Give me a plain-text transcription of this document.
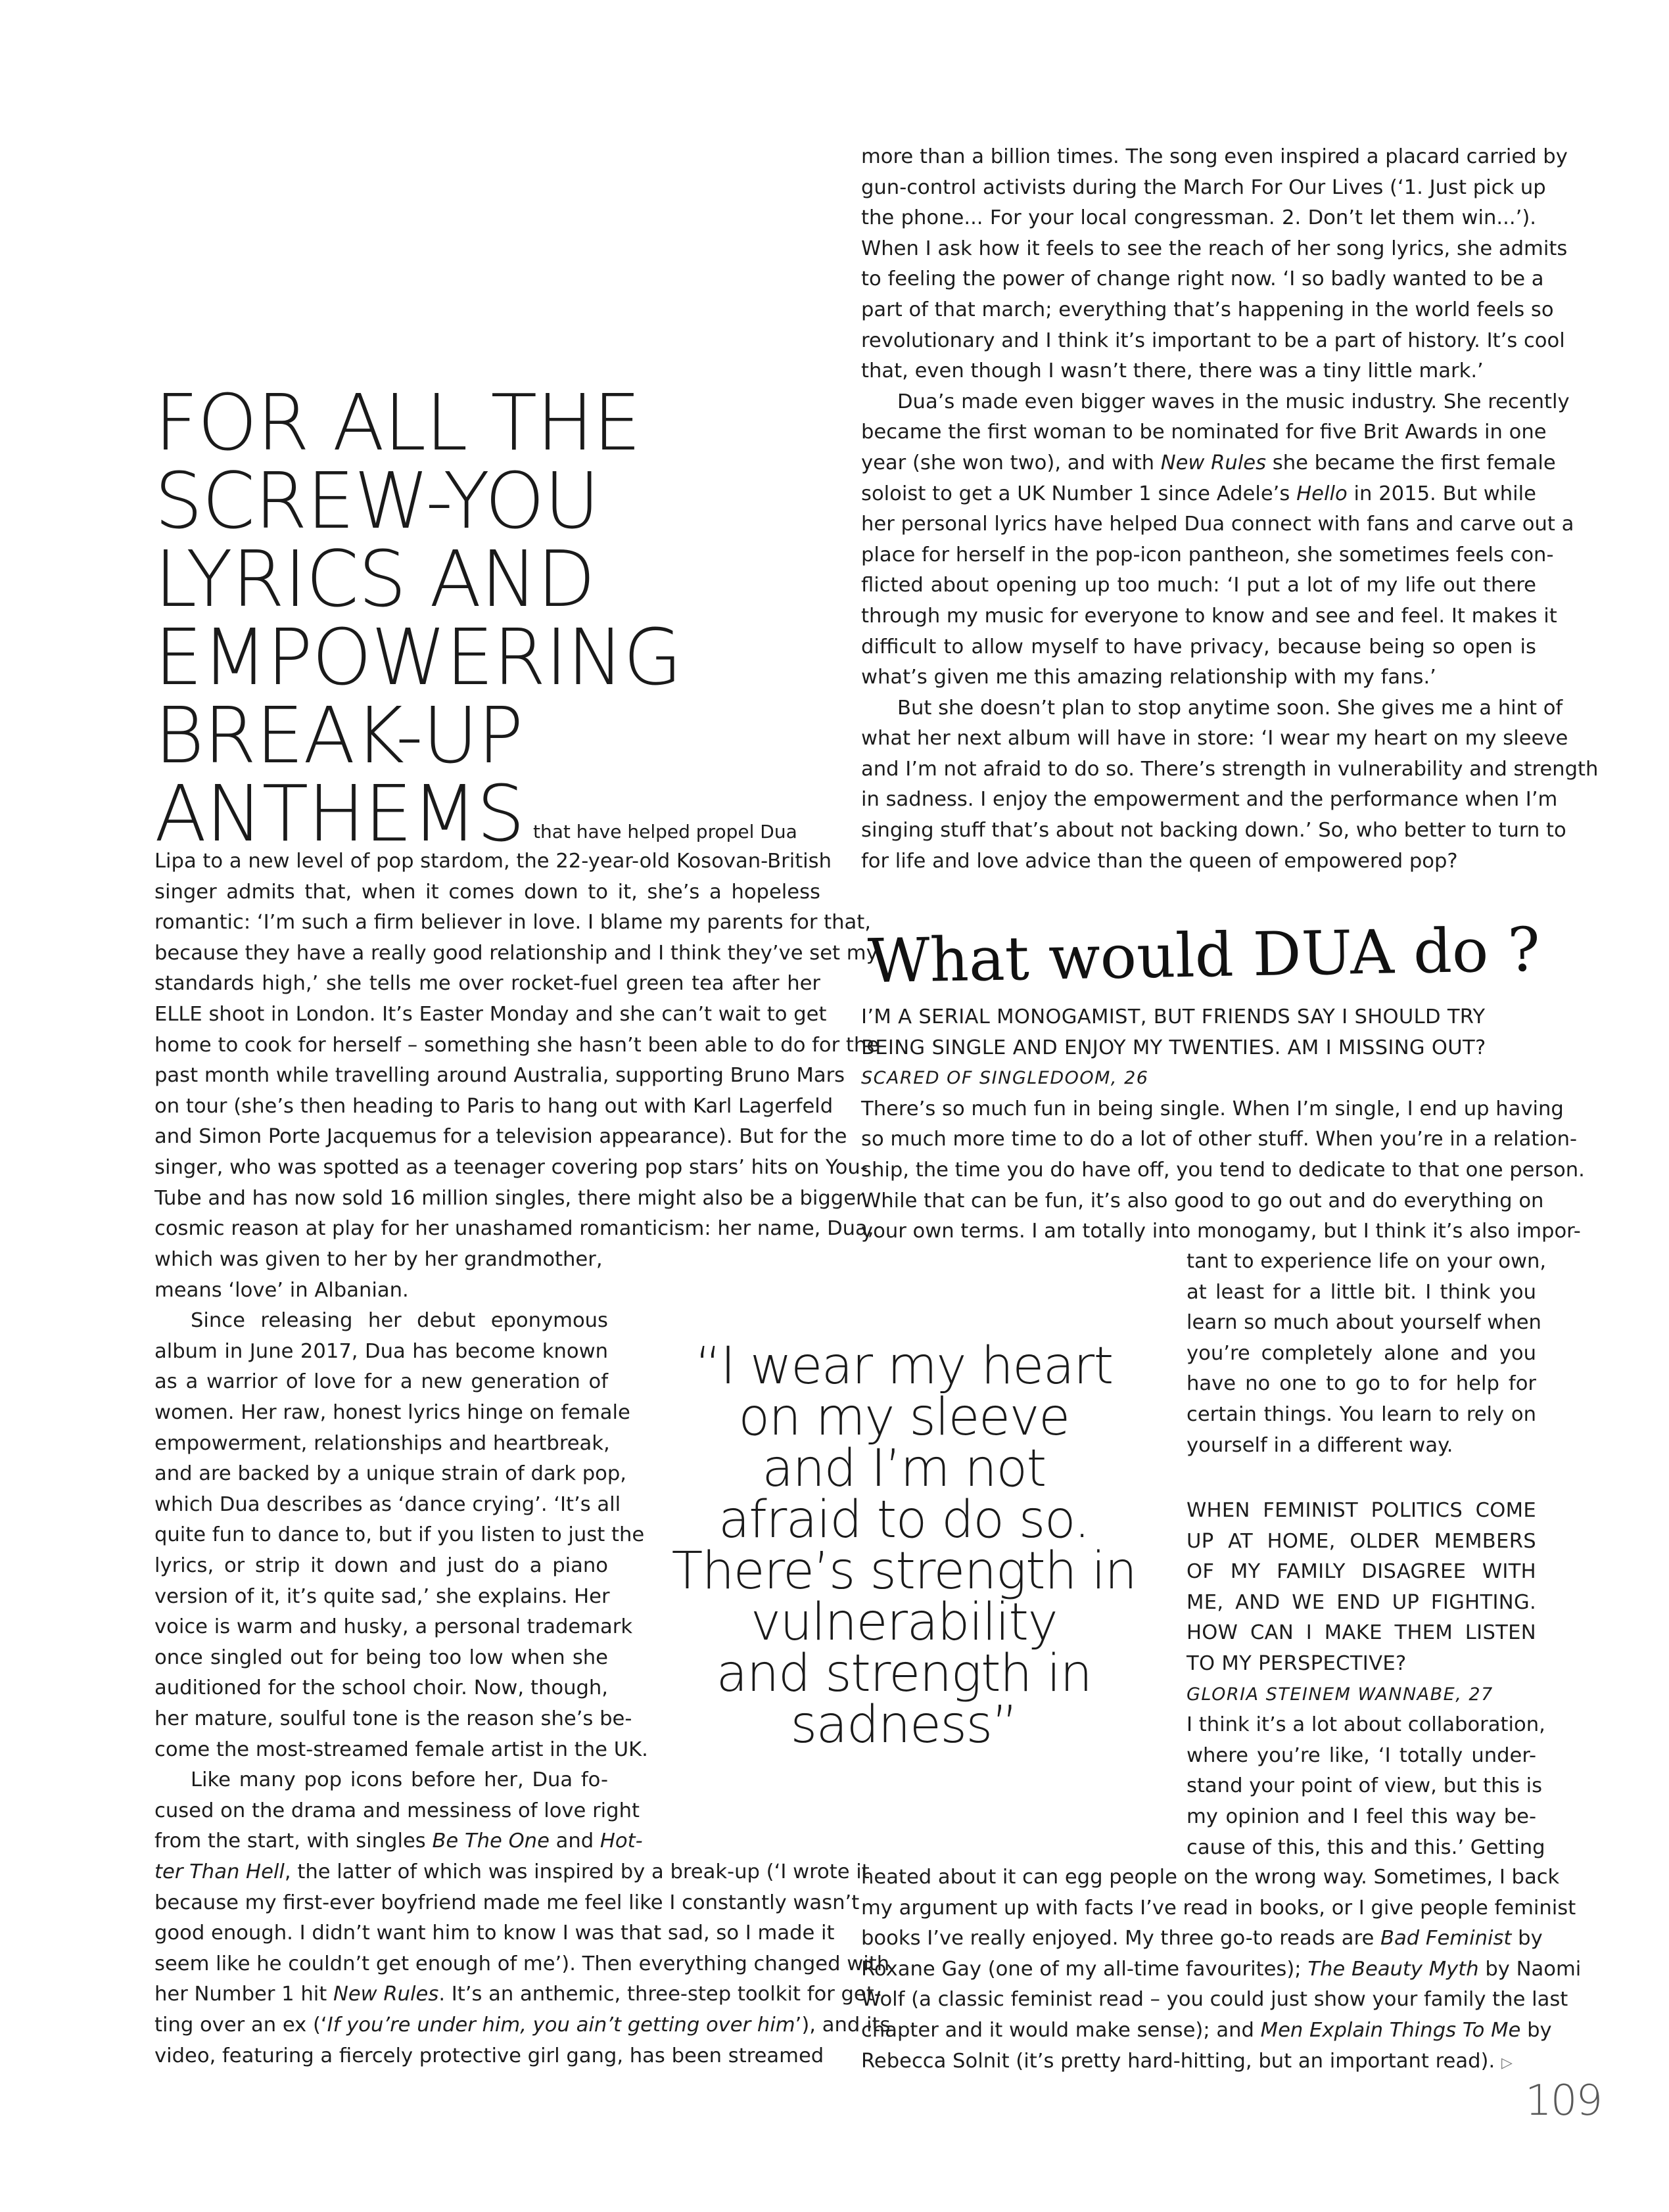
FOR ALL THE
SCREW-YOU
LYRICS AND
EMPOWERING
BREAK-UP
ANTHEMS that have helped propel Dua
Lipa to a new level of pop stardom, the 22-year-old Kosovan-British
singer admits that, when it comes down to it, she’s a hopeless
romantic: ‘I’m such a firm believer in love. I blame my parents for that,
because they have a really good relationship and I think they’ve set my
standards high,’ she tells me over rocket-fuel green tea after her
ELLE shoot in London. It’s Easter Monday and she can’t wait to get
home to cook for herself – something she hasn’t been able to do for the
past month while travelling around Australia, supporting Bruno Mars
on tour (she’s then heading to Paris to hang out with Karl Lagerfeld
and Simon Porte Jacquemus for a television appearance). But for the
singer, who was spotted as a teenager covering pop stars’ hits on You-
Tube and has now sold 16 million singles, there might also be a bigger
cosmic reason at play for her unashamed romanticism: her name, Dua,
which was given to her by her grandmother,
means ‘love’ in Albanian.
Since releasing her debut eponymous
album in June 2017, Dua has become known
as a warrior of love for a new generation of
women. Her raw, honest lyrics hinge on female
empowerment, relationships and heartbreak,
and are backed by a unique strain of dark pop,
which Dua describes as ‘dance crying’. ‘It’s all
quite fun to dance to, but if you listen to just the
lyrics, or strip it down and just do a piano
version of it, it’s quite sad,’ she explains. Her
voice is warm and husky, a personal trademark
once singled out for being too low when she
auditioned for the school choir. Now, though,
her mature, soulful tone is the reason she’s be-
come the most-streamed female artist in the UK.
Like many pop icons before her, Dua fo-
cused on the drama and messiness of love right
from the start, with singles Be The One and Hot-
ter Than Hell, the latter of which was inspired by a break-up (‘I wrote it
because my first-ever boyfriend made me feel like I constantly wasn’t
good enough. I didn’t want him to know I was that sad, so I made it
seem like he couldn’t get enough of me’). Then everything changed with
her Number 1 hit New Rules. It’s an anthemic, three-step toolkit for get-
ting over an ex (‘If you’re under him, you ain’t getting over him’), and its
video, featuring a fiercely protective girl gang, has been streamed
more than a billion times. The song even inspired a placard carried by
gun-control activists during the March For Our Lives (‘1. Just pick up
the phone... For your local congressman. 2. Don’t let them win...’).
When I ask how it feels to see the reach of her song lyrics, she admits
to feeling the power of change right now. ‘I so badly wanted to be a
part of that march; everything that’s happening in the world feels so
revolutionary and I think it’s important to be a part of history. It’s cool
that, even though I wasn’t there, there was a tiny little mark.’
Dua’s made even bigger waves in the music industry. She recently
became the first woman to be nominated for five Brit Awards in one
year (she won two), and with New Rules she became the first female
soloist to get a UK Number 1 since Adele’s Hello in 2015. But while
her personal lyrics have helped Dua connect with fans and carve out a
place for herself in the pop-icon pantheon, she sometimes feels con-
flicted about opening up too much: ‘I put a lot of my life out there
through my music for everyone to know and see and feel. It makes it
difficult to allow myself to have privacy, because being so open is
what’s given me this amazing relationship with my fans.’
But she doesn’t plan to stop anytime soon. She gives me a hint of
what her next album will have in store: ‘I wear my heart on my sleeve
and I’m not afraid to do so. There’s strength in vulnerability and strength
in sadness. I enjoy the empowerment and the performance when I’m
singing stuff that’s about not backing down.’ So, who better to turn to
for life and love advice than the queen of empowered pop?
What would DUA do ?
I’M A SERIAL MONOGAMIST, BUT FRIENDS SAY I SHOULD TRY
BEING SINGLE AND ENJOY MY TWENTIES. AM I MISSING OUT?
SCARED OF SINGLEDOOM, 26
There’s so much fun in being single. When I’m single, I end up having
so much more time to do a lot of other stuff. When you’re in a relation-
ship, the time you do have off, you tend to dedicate to that one person.
While that can be fun, it’s also good to go out and do everything on
your own terms. I am totally into monogamy, but I think it’s also impor-
tant to experience life on your own,
at least for a little bit. I think you
learn so much about yourself when
you’re completely alone and you
have no one to go to for help for
certain things. You learn to rely on
yourself in a different way.
WHEN FEMINIST POLITICS COME
UP AT HOME, OLDER MEMBERS
OF MY FAMILY DISAGREE WITH
ME, AND WE END UP FIGHTING.
HOW CAN I MAKE THEM LISTEN
TO MY PERSPECTIVE?
GLORIA STEINEM WANNABE, 27
I think it’s a lot about collaboration,
where you’re like, ‘I totally under-
stand your point of view, but this is
my opinion and I feel this way be-
cause of this, this and this.’ Getting
heated about it can egg people on the wrong way. Sometimes, I back
my argument up with facts I’ve read in books, or I give people feminist
books I’ve really enjoyed. My three go-to reads are Bad Feminist by
Roxane Gay (one of my all-time favourites); The Beauty Myth by Naomi
Wolf (a classic feminist read – you could just show your family the last
chapter and it would make sense); and Men Explain Things To Me by
Rebecca Solnit (it’s pretty hard-hitting, but an important read). ▷
“I wear my heart
on my sleeve
and I’m not
afraid to do so.
There’s strength in
vulnerability
and strength in
sadness”
109
